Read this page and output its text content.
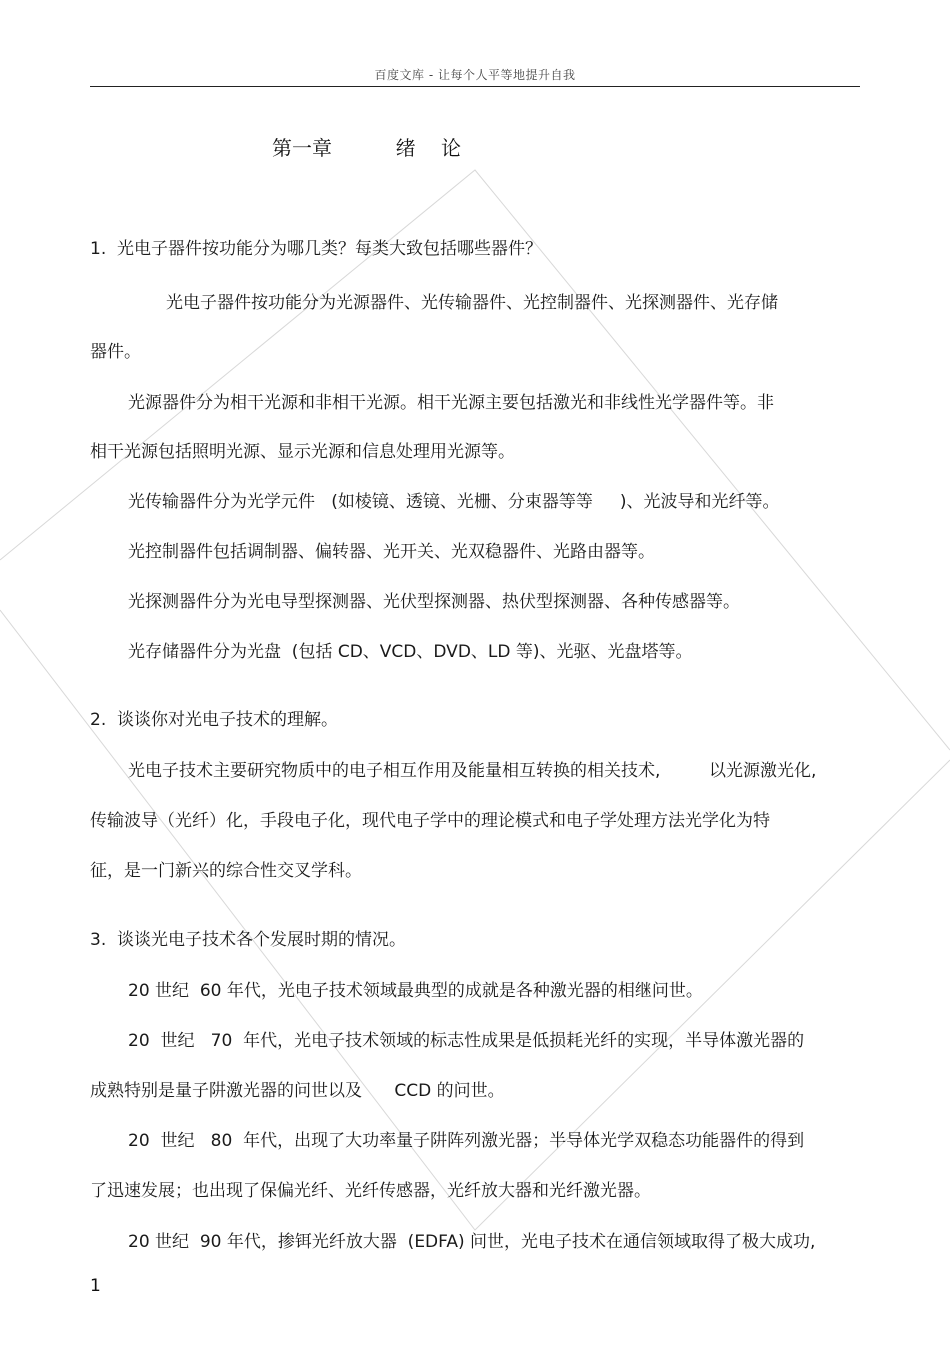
百度文库 - 让每个人平等地提升自我
第一章          绪    论
1.  光电子器件按功能分为哪几类？每类大致包括哪些器件？
光电子器件按功能分为光源器件、光传输器件、光控制器件、光探测器件、光存储
器件。
光源器件分为相干光源和非相干光源。相干光源主要包括激光和非线性光学器件等。非
相干光源包括照明光源、显示光源和信息处理用光源等。
光传输器件分为光学元件   (如棱镜、透镜、光栅、分束器等等     )、光波导和光纤等。
光控制器件包括调制器、偏转器、光开关、光双稳器件、光路由器等。
光探测器件分为光电导型探测器、光伏型探测器、热伏型探测器、各种传感器等。
光存储器件分为光盘  (包括 CD、VCD、DVD、LD 等)、光驱、光盘塔等。
2.  谈谈你对光电子技术的理解。
光电子技术主要研究物质中的电子相互作用及能量相互转换的相关技术,         以光源激光化,
传输波导（光纤）化，手段电子化，现代电子学中的理论模式和电子学处理方法光学化为特
征，是一门新兴的综合性交叉学科。
3.  谈谈光电子技术各个发展时期的情况。
20 世纪  60 年代，光电子技术领域最典型的成就是各种激光器的相继问世。
20  世纪   70  年代，光电子技术领域的标志性成果是低损耗光纤的实现，半导体激光器的
成熟特别是量子阱激光器的问世以及      CCD 的问世。
20  世纪   80  年代，出现了大功率量子阱阵列激光器；半导体光学双稳态功能器件的得到
了迅速发展；也出现了保偏光纤、光纤传感器，光纤放大器和光纤激光器。
20 世纪  90 年代，掺铒光纤放大器  (EDFA) 问世，光电子技术在通信领域取得了极大成功,
1
